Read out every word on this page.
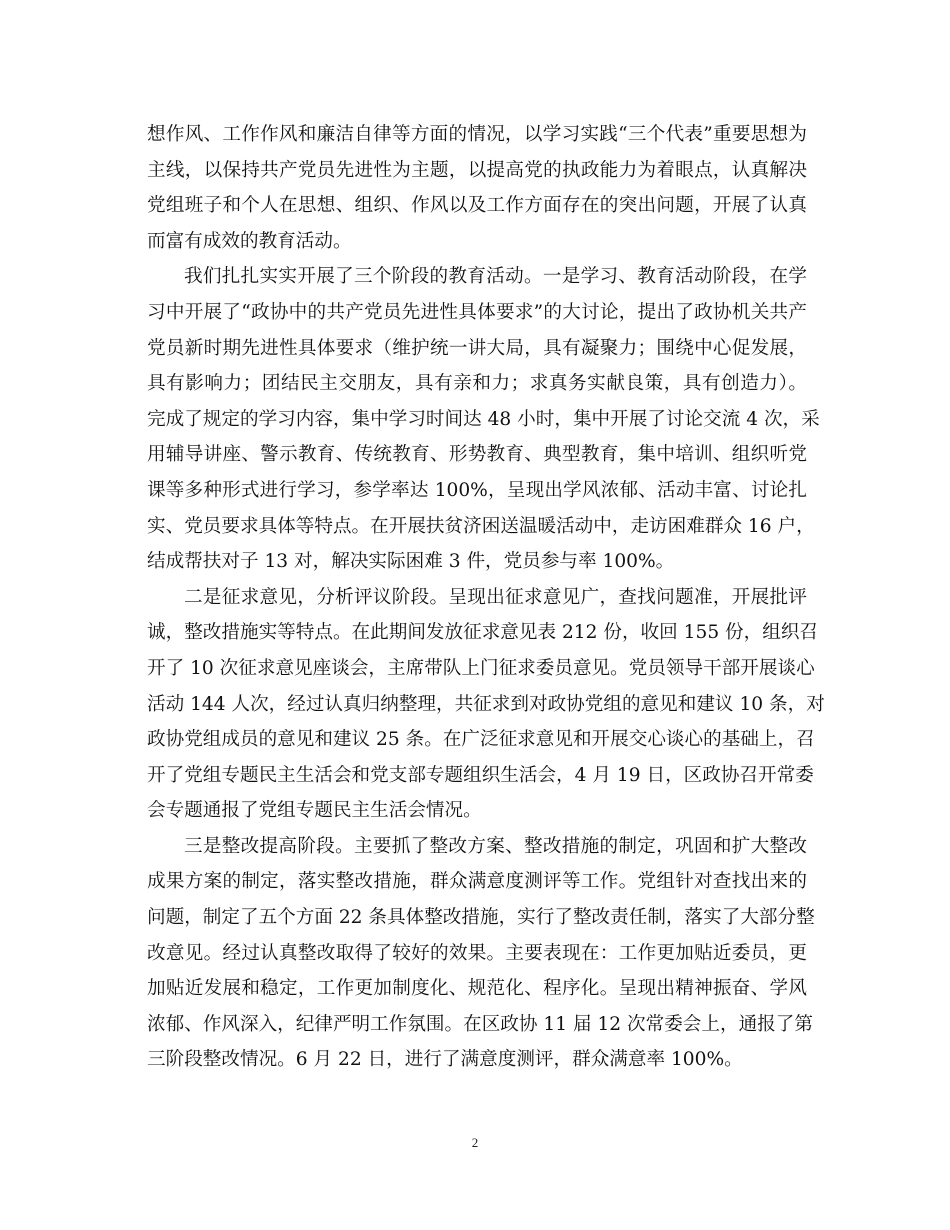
想作风、工作作风和廉洁自律等方面的情况，以学习实践“三个代表”重要思想为
主线，以保持共产党员先进性为主题，以提高党的执政能力为着眼点，认真解决
党组班子和个人在思想、组织、作风以及工作方面存在的突出问题，开展了认真
而富有成效的教育活动。
我们扎扎实实开展了三个阶段的教育活动。一是学习、教育活动阶段，在学
习中开展了“政协中的共产党员先进性具体要求”的大讨论，提出了政协机关共产
党员新时期先进性具体要求（维护统一讲大局，具有凝聚力；围绕中心促发展，
具有影响力；团结民主交朋友，具有亲和力；求真务实献良策，具有创造力）。
完成了规定的学习内容，集中学习时间达 48 小时，集中开展了讨论交流 4 次，采
用辅导讲座、警示教育、传统教育、形势教育、典型教育，集中培训、组织听党
课等多种形式进行学习，参学率达 100%，呈现出学风浓郁、活动丰富、讨论扎
实、党员要求具体等特点。在开展扶贫济困送温暖活动中，走访困难群众 16 户，
结成帮扶对子 13 对，解决实际困难 3 件，党员参与率 100%。
二是征求意见，分析评议阶段。呈现出征求意见广，查找问题准，开展批评
诚，整改措施实等特点。在此期间发放征求意见表 212 份，收回 155 份，组织召
开了 10 次征求意见座谈会，主席带队上门征求委员意见。党员领导干部开展谈心
活动 144 人次，经过认真归纳整理，共征求到对政协党组的意见和建议 10 条，对
政协党组成员的意见和建议 25 条。在广泛征求意见和开展交心谈心的基础上，召
开了党组专题民主生活会和党支部专题组织生活会，4 月 19 日，区政协召开常委
会专题通报了党组专题民主生活会情况。
三是整改提高阶段。主要抓了整改方案、整改措施的制定，巩固和扩大整改
成果方案的制定，落实整改措施，群众满意度测评等工作。党组针对查找出来的
问题，制定了五个方面 22 条具体整改措施，实行了整改责任制，落实了大部分整
改意见。经过认真整改取得了较好的效果。主要表现在：工作更加贴近委员，更
加贴近发展和稳定，工作更加制度化、规范化、程序化。呈现出精神振奋、学风
浓郁、作风深入，纪律严明工作氛围。在区政协 11 届 12 次常委会上，通报了第
三阶段整改情况。6 月 22 日，进行了满意度测评，群众满意率 100%。
2
